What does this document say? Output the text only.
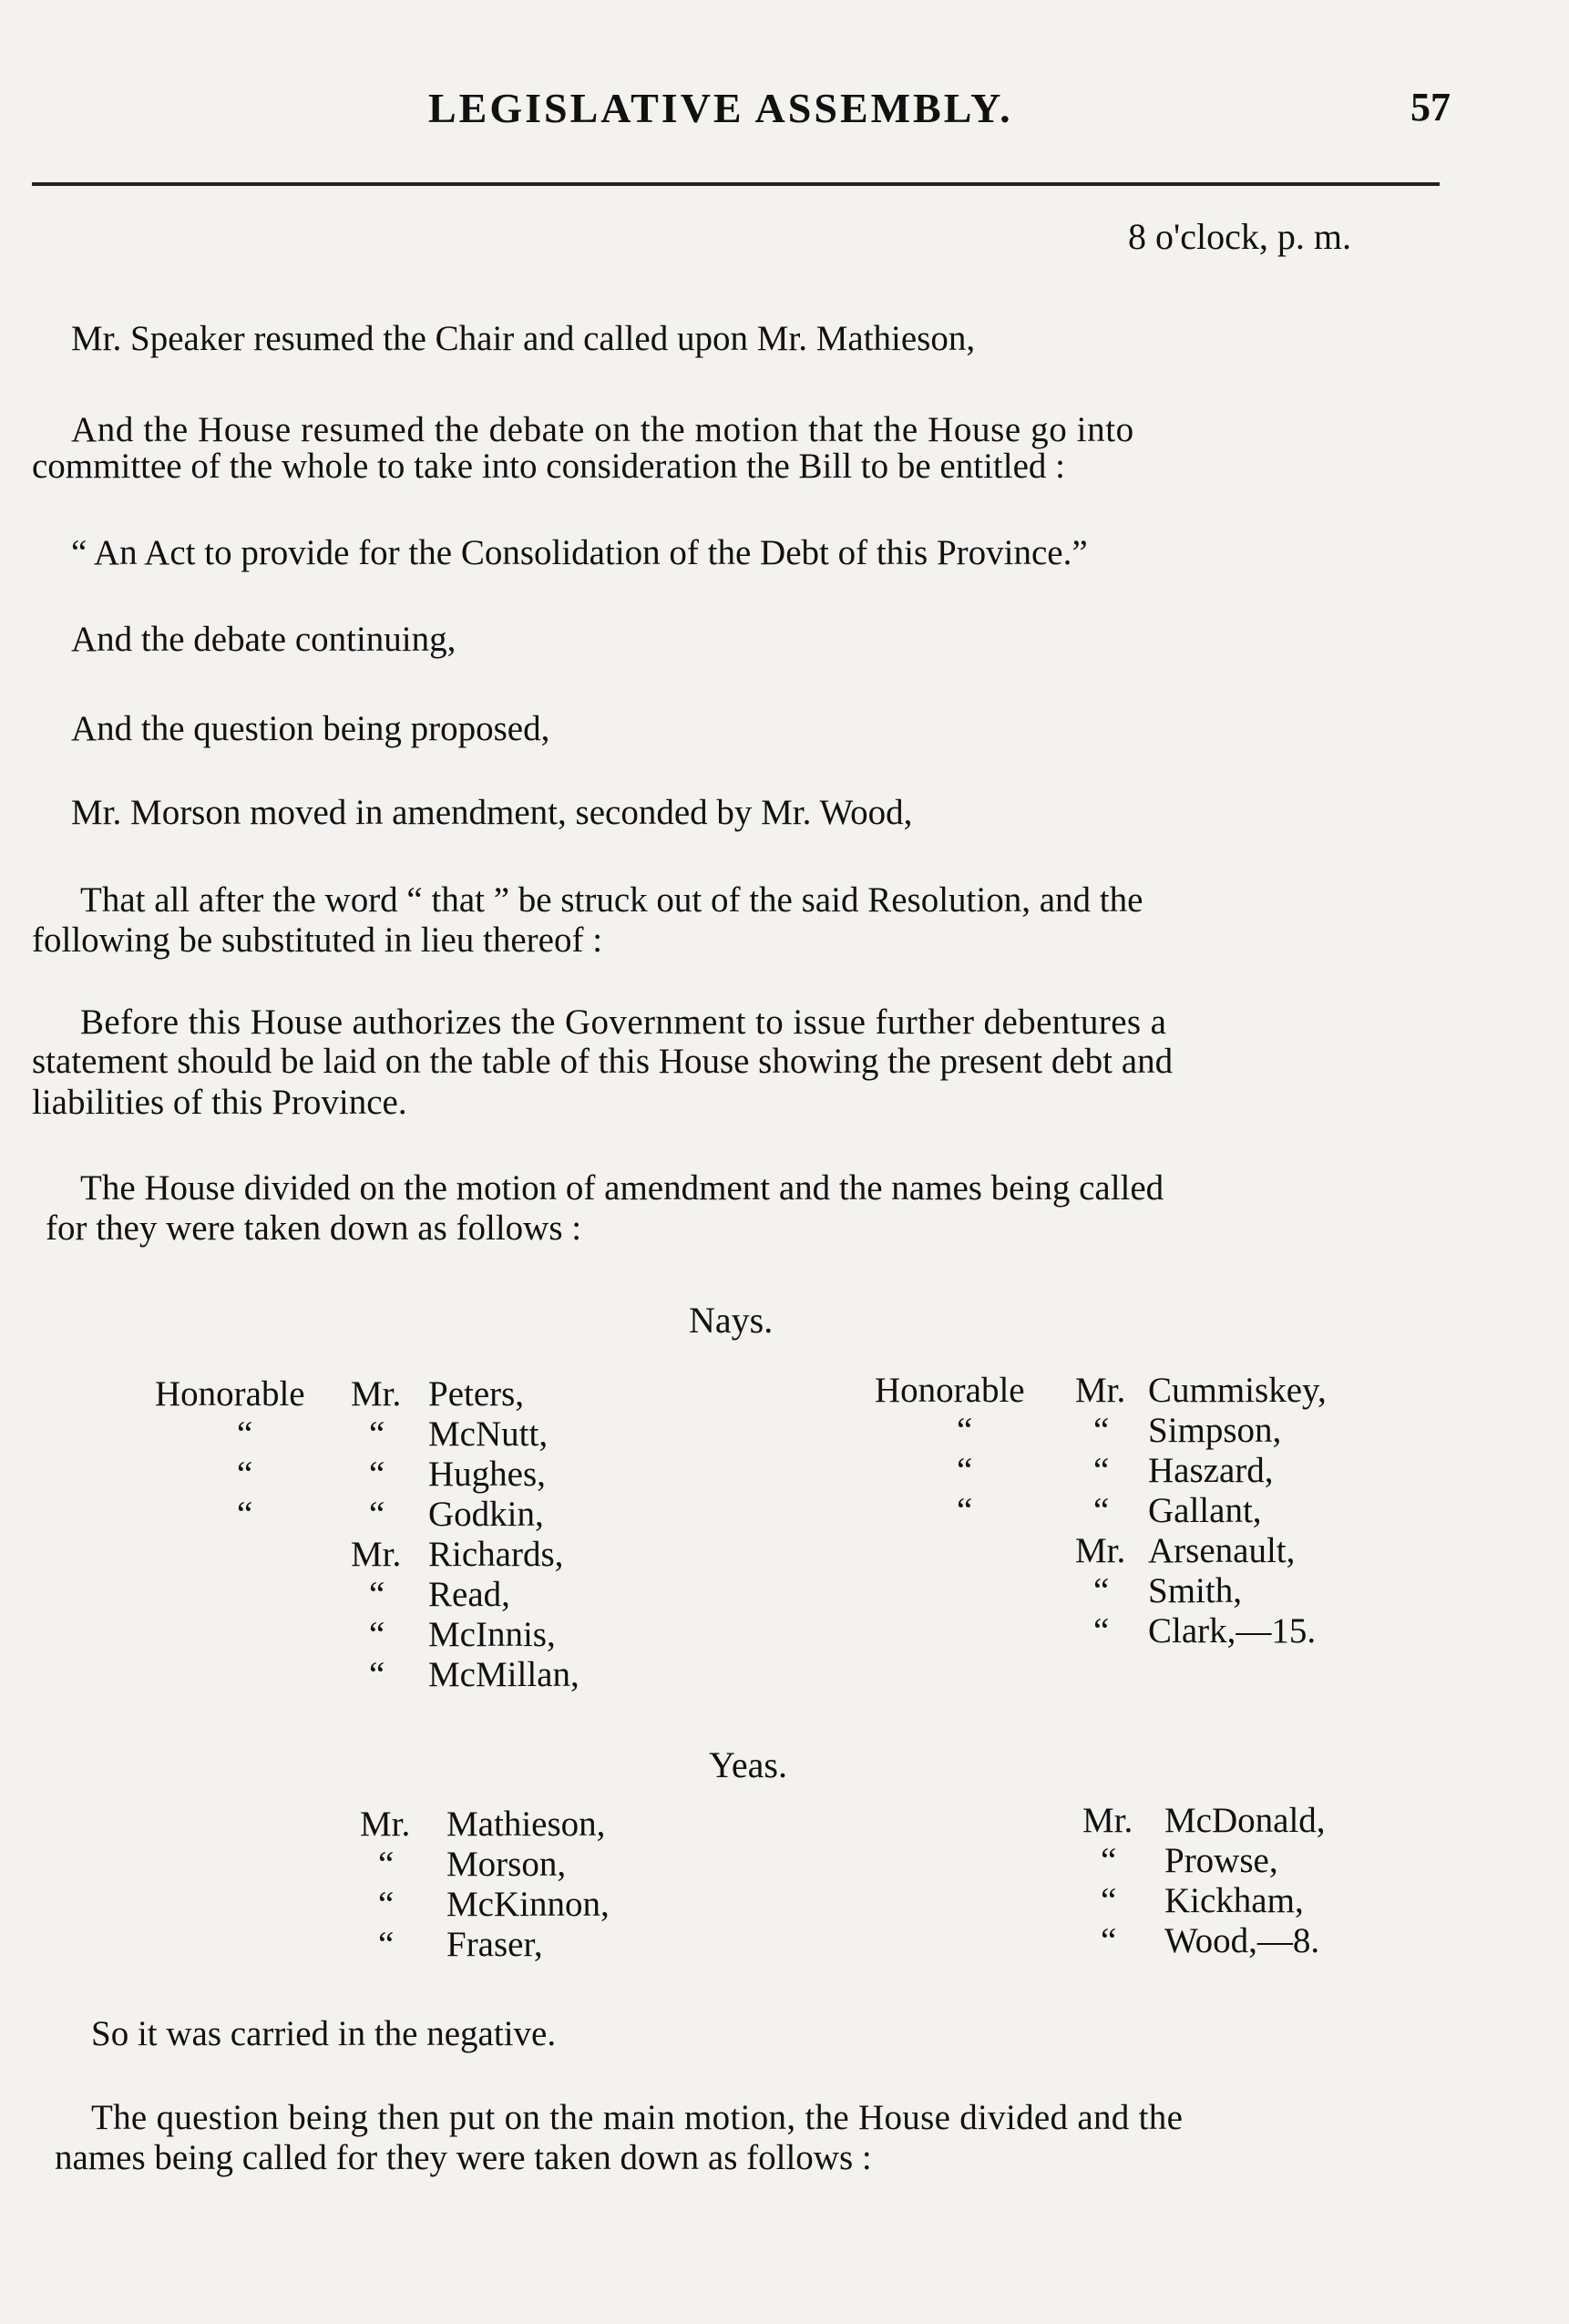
LEGISLATIVE ASSEMBLY.	57
8 o'clock, p. m.
Mr. Speaker resumed the Chair and called upon Mr. Mathieson,
And the House resumed the debate on the motion that the House go into
committee of the whole to take into consideration the Bill to be entitled :
“ An Act to provide for the Consolidation of the Debt of this Province.”
And the debate continuing,
And the question being proposed,
Mr. Morson moved in amendment, seconded by Mr. Wood,
That all after the word “ that ” be struck out of the said Resolution, and the
following be substituted in lieu thereof :
Before this House authorizes the Government to issue further debentures a
statement should be laid on the table of this House showing the present debt and
liabilities of this Province.
The House divided on the motion of amendment and the names being called
for they were taken down as follows :
Nays.
Honorable Mr. Peters,
“	“ McNutt,
“	“ Hughes,
“	“ Godkin,
Mr. Richards,
“ Read,
“ McInnis,
“ McMillan,
Honorable Mr. Cummiskey,
“	“ Simpson,
“	“ Haszard,
“	“ Gallant,
Mr. Arsenault,
“ Smith,
“ Clark,—15.
Yeas.
Mr. Mathieson,
“ Morson,
“ McKinnon,
“ Fraser,
Mr. McDonald,
“ Prowse,
“ Kickham,
“ Wood,—8.
So it was carried in the negative.
The question being then put on the main motion, the House divided and the
names being called for they were taken down as follows :
